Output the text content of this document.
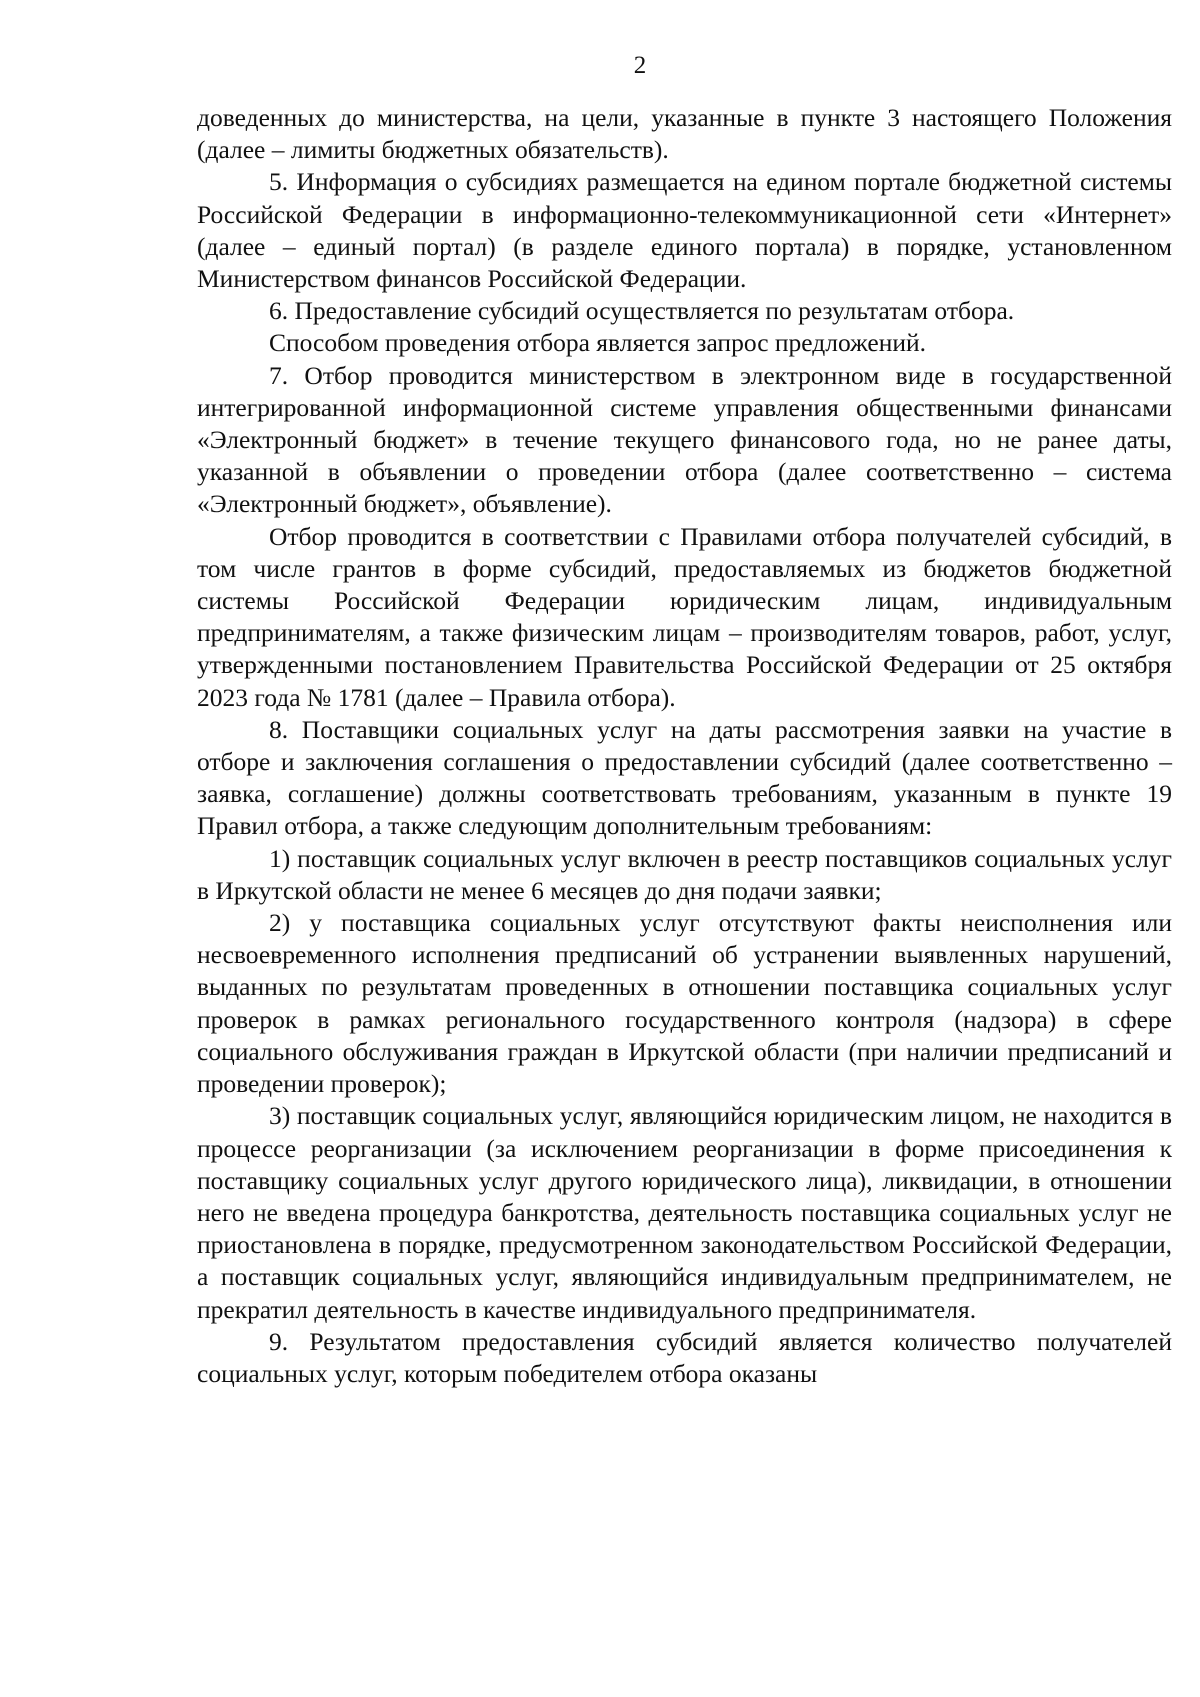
2

доведенных до министерства, на цели, указанные в пункте 3 настоящего Положения (далее – лимиты бюджетных обязательств).

5. Информация о субсидиях размещается на едином портале бюджетной системы Российской Федерации в информационно-телекоммуникационной сети «Интернет» (далее – единый портал) (в разделе единого портала) в порядке, установленном Министерством финансов Российской Федерации.

6. Предоставление субсидий осуществляется по результатам отбора.

Способом проведения отбора является запрос предложений.

7. Отбор проводится министерством в электронном виде в государственной интегрированной информационной системе управления общественными финансами «Электронный бюджет» в течение текущего финансового года, но не ранее даты, указанной в объявлении о проведении отбора (далее соответственно – система «Электронный бюджет», объявление).

Отбор проводится в соответствии с Правилами отбора получателей субсидий, в том числе грантов в форме субсидий, предоставляемых из бюджетов бюджетной системы Российской Федерации юридическим лицам, индивидуальным предпринимателям, а также физическим лицам – производителям товаров, работ, услуг, утвержденными постановлением Правительства Российской Федерации от 25 октября 2023 года № 1781 (далее – Правила отбора).

8. Поставщики социальных услуг на даты рассмотрения заявки на участие в отборе и заключения соглашения о предоставлении субсидий (далее соответственно – заявка, соглашение) должны соответствовать требованиям, указанным в пункте 19 Правил отбора, а также следующим дополнительным требованиям:

1) поставщик социальных услуг включен в реестр поставщиков социальных услуг в Иркутской области не менее 6 месяцев до дня подачи заявки;

2) у поставщика социальных услуг отсутствуют факты неисполнения или несвоевременного исполнения предписаний об устранении выявленных нарушений, выданных по результатам проведенных в отношении поставщика социальных услуг проверок в рамках регионального государственного контроля (надзора) в сфере социального обслуживания граждан в Иркутской области (при наличии предписаний и проведении проверок);

3) поставщик социальных услуг, являющийся юридическим лицом, не находится в процессе реорганизации (за исключением реорганизации в форме присоединения к поставщику социальных услуг другого юридического лица), ликвидации, в отношении него не введена процедура банкротства, деятельность поставщика социальных услуг не приостановлена в порядке, предусмотренном законодательством Российской Федерации, а поставщик социальных услуг, являющийся индивидуальным предпринимателем, не прекратил деятельность в качестве индивидуального предпринимателя.

9. Результатом предоставления субсидий является количество получателей социальных услуг, которым победителем отбора оказаны
